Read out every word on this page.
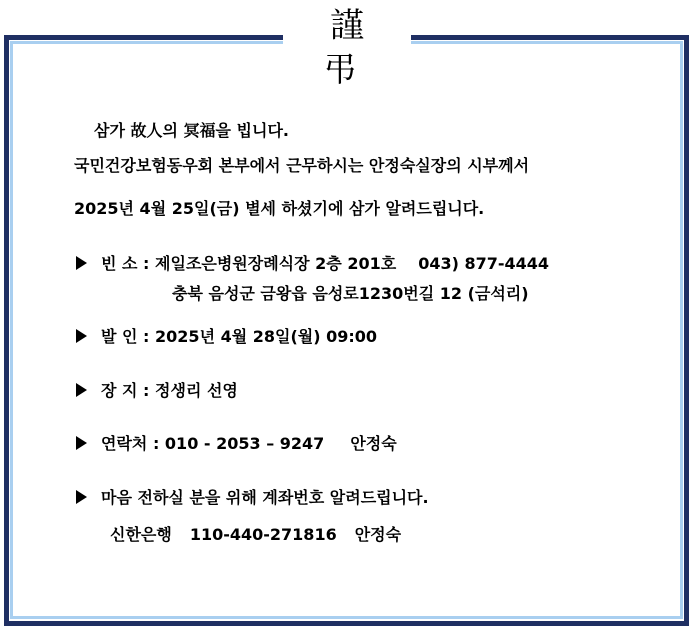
謹 弔
삼가 故人의 冥福을 빕니다.
국민건강보험동우회 본부에서 근무하시는 안정숙실장의 시부께서
2025년 4월 25일(금) 별세 하셨기에 삼가 알려드립니다.
빈 소 : 제일조은병원장례식장 2층 201호 043) 877-4444
충북 음성군 금왕읍 음성로1230번길 12 (금석리)
발 인 : 2025년 4월 28일(월) 09:00
장 지 : 정생리 선영
연락처 : 010 - 2053 – 9247 안정숙
마음 전하실 분을 위해 계좌번호 알려드립니다.
신한은행 110-440-271816 안정숙
